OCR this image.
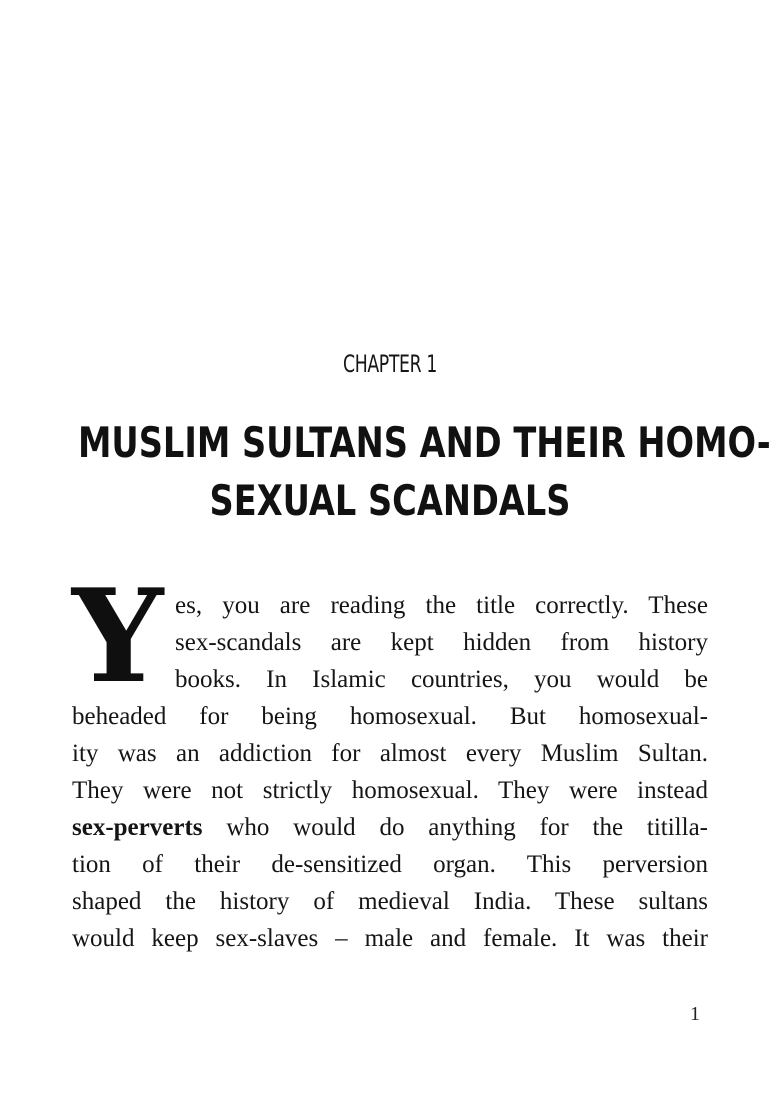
CHAPTER 1
MUSLIM SULTANS AND THEIR HOMO-
SEXUAL SCANDALS
Y es, you are reading the title correctly. These
sex-scandals are kept hidden from history
books. In Islamic countries, you would be
beheaded for being homosexual. But homosexual-
ity was an addiction for almost every Muslim Sultan.
They were not strictly homosexual. They were instead
sex-perverts who would do anything for the titilla-
tion of their de-sensitized organ. This perversion
shaped the history of medieval India. These sultans
would keep sex-slaves – male and female. It was their
1
